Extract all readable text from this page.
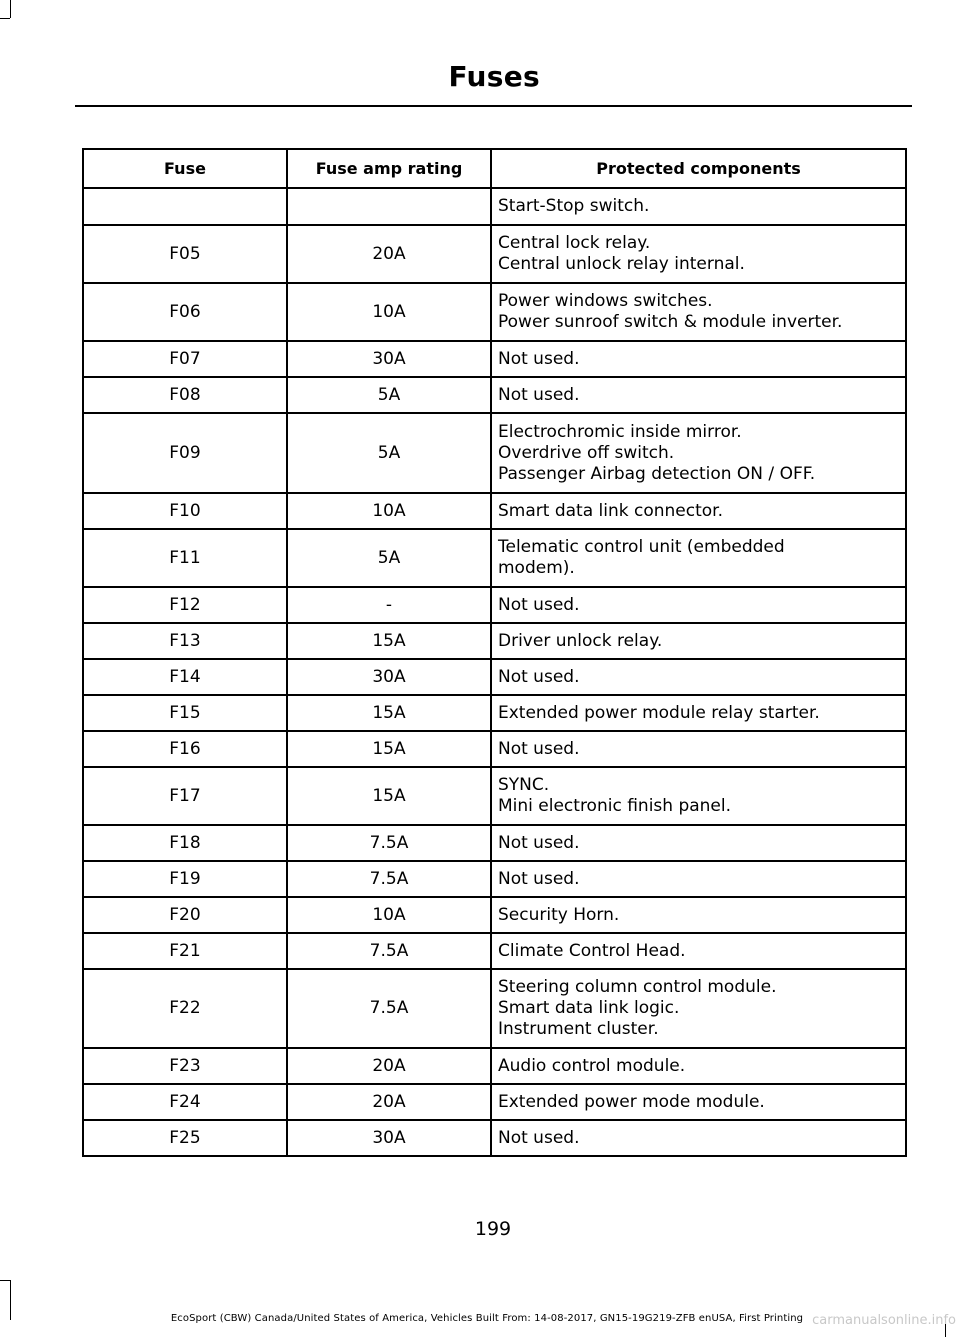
Fuses
Fuse	Fuse amp rating	Protected components

		Start-Stop switch.

F05	20A	Central lock relay.
Central unlock relay internal.

F06	10A	Power windows switches.
Power sunroof switch & module inverter.

F07	30A	Not used.

F08	5A	Not used.

F09	5A	Electrochromic inside mirror.
Overdrive off switch.
Passenger Airbag detection ON / OFF.

F10	10A	Smart data link connector.

F11	5A	Telematic control unit (embedded
modem).

F12	-	Not used.

F13	15A	Driver unlock relay.

F14	30A	Not used.

F15	15A	Extended power module relay starter.

F16	15A	Not used.

F17	15A	SYNC.
Mini electronic finish panel.

F18	7.5A	Not used.

F19	7.5A	Not used.

F20	10A	Security Horn.

F21	7.5A	Climate Control Head.

F22	7.5A	Steering column control module.
Smart data link logic.
Instrument cluster.

F23	20A	Audio control module.

F24	20A	Extended power mode module.

F25	30A	Not used.
199
EcoSport (CBW) Canada/United States of America, Vehicles Built From: 14-08-2017, GN15-19G219-ZFB enUSA, First Printing carmanualsonline.info
